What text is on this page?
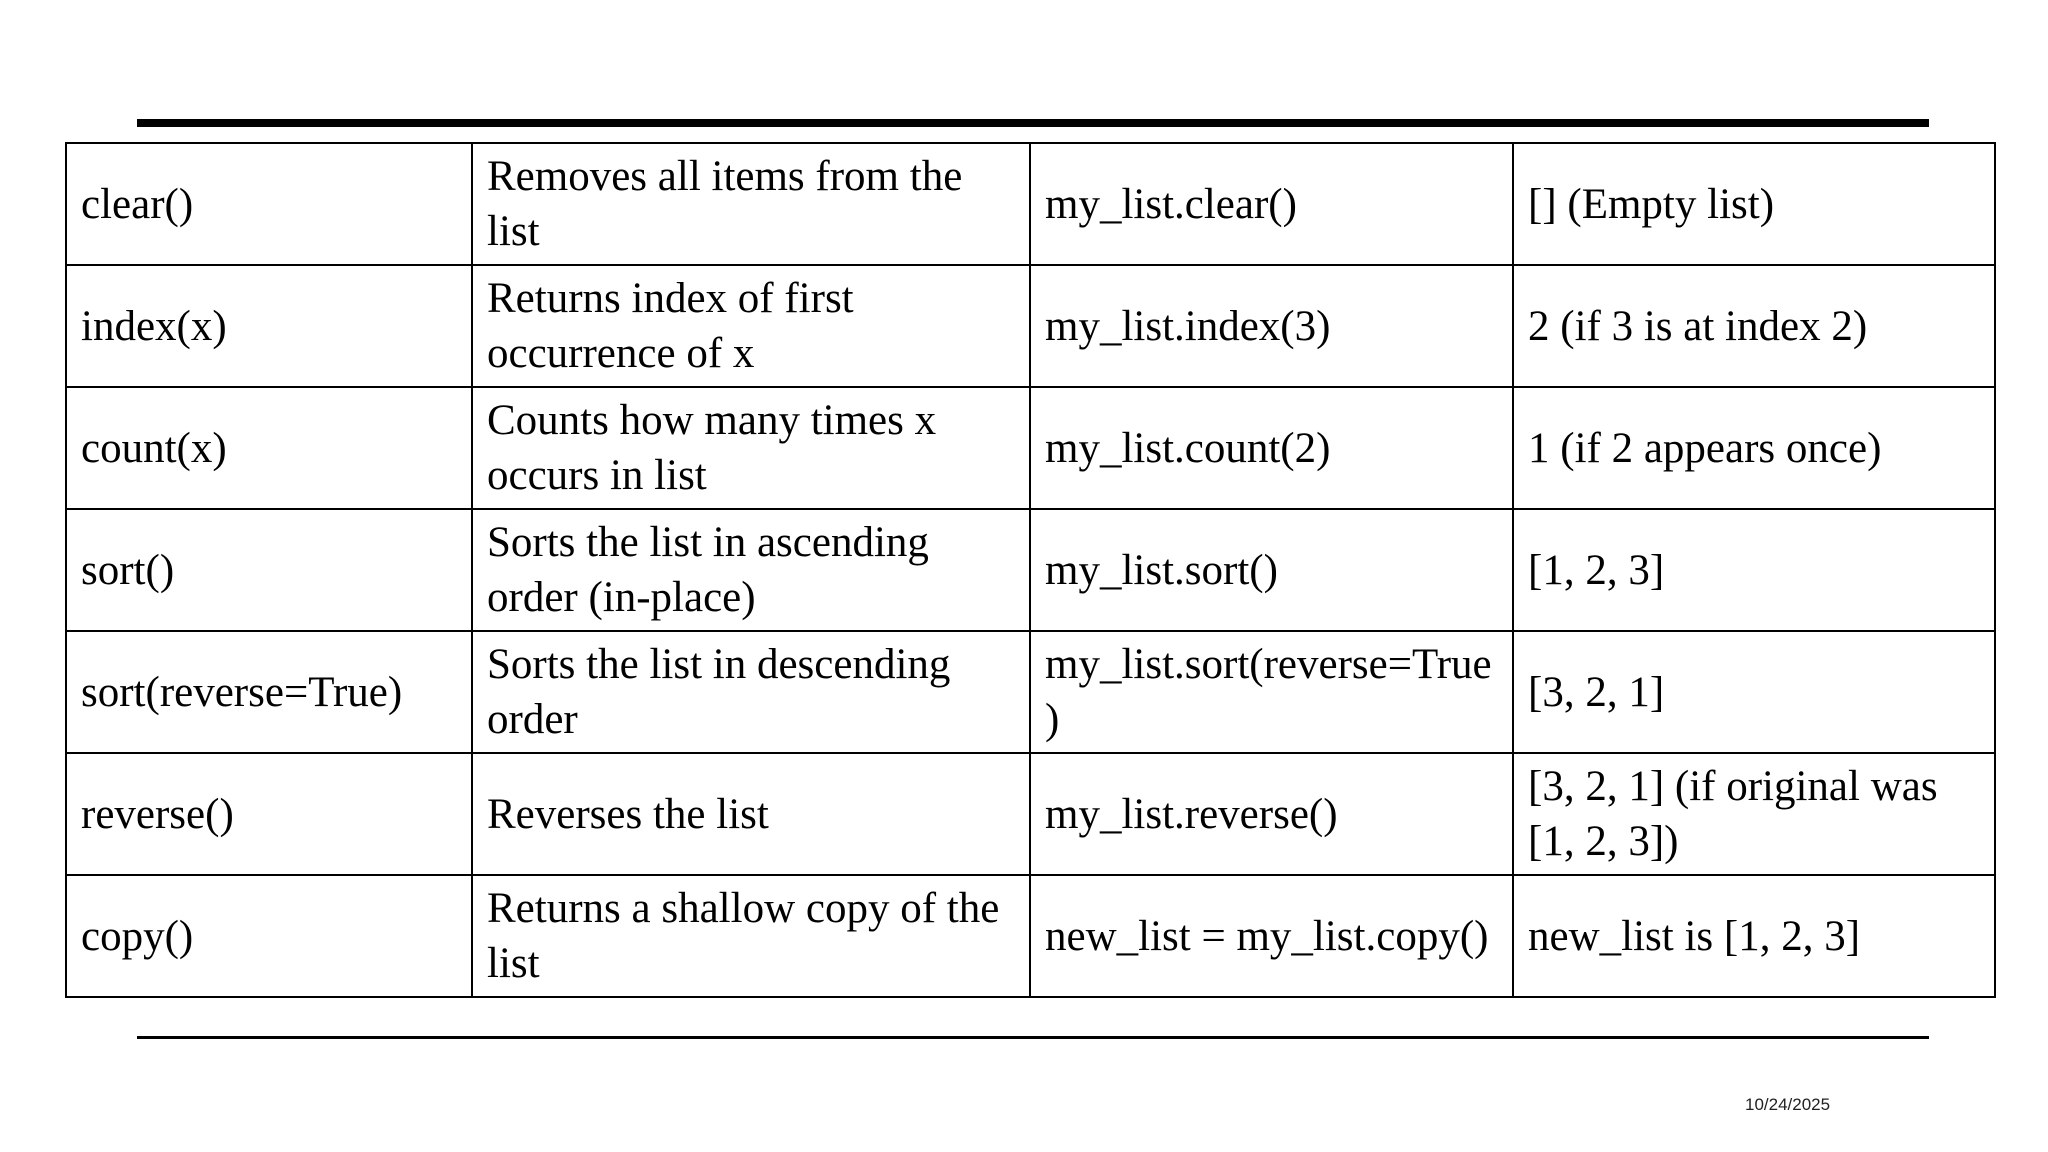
clear()	Removes all items from the list	my_list.clear()	[] (Empty list)
index(x)	Returns index of first occurrence of x	my_list.index(3)	2 (if 3 is at index 2)
count(x)	Counts how many times x occurs in list	my_list.count(2)	1 (if 2 appears once)
sort()	Sorts the list in ascending order (in-place)	my_list.sort()	[1, 2, 3]
sort(reverse=True)	Sorts the list in descending order	my_list.sort(reverse=True)	[3, 2, 1]
reverse()	Reverses the list	my_list.reverse()	[3, 2, 1] (if original was [1, 2, 3])
copy()	Returns a shallow copy of the list	new_list = my_list.copy()	new_list is [1, 2, 3]
10/24/2025
